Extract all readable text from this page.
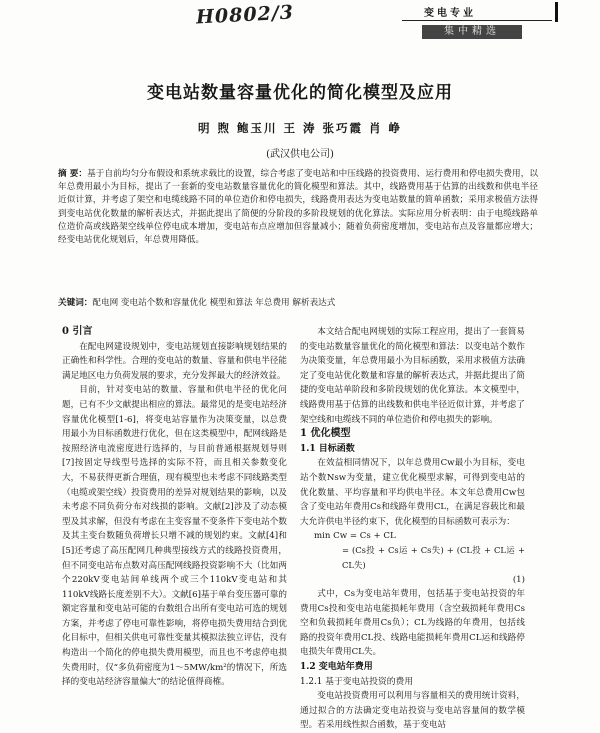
H0802/3	变电专业
集中精选
变电站数量容量优化的简化模型及应用
明 煦 鲍玉川 王 涛 张巧霞 肖 峥
(武汉供电公司)
摘 要：基于自前均匀分布假设和系统求载比的设置，综合考虑了变电站和中压线路的投资费用、运行费用和停电损失费用，以年总费用最小为目标，提出了一套新的变电站数量容量优化的简化模型和算法。其中，线路费用基于估算的出线数和供电半径近似计算，并考虑了架空和电缆线路不同的单位造价和停电损失，线路费用表达为变电站数量的简单函数；采用求极值方法得到变电站优化数量的解析表达式，并据此提出了简便的分阶段的多阶段规划的优化算法。实际应用分析表明：由于电缆线路单位造价高或线路架空线单位停电成本增加，变电站布点应增加但容量减小；随着负荷密度增加，变电站布点及容量都应增大；经变电站优化规划后，年总费用降低。
关键词：配电网 变电站个数和容量优化 模型和算法 年总费用 解析表达式

0 引言

在配电网建设规划中，变电站规划直接影响规划结果的正确性和科学性。合理的变电站的数量、容量和供电半径能满足地区电力负荷发展的要求，充分发挥最大的经济效益。

目前，针对变电站的数量、容量和供电半径的优化问题，已有不少文献提出相应的算法。最常见的是变电站经济容量优化模型[1-6]，将变电站容量作为决策变量，以总费用最小为目标函数进行优化，但在这类模型中，配网线路是按照经济电流密度进行选择的，与目前普通根据规划导则[7]按固定导线型号选择的实际不符，而且相关参数变化大，不易获得更新合理值，现有模型也未考虑不同线路类型（电缆或架空线）投资费用的差异对规划结果的影响，以及未考虑不同负荷分布对线损的影响。文献[2]涉及了动态模型及其求解，但没有考虑在主变容量不变条件下变电站个数及其主变台数随负荷增长只增不减的规划约束。文献[4]和[5]还考虑了高压配网几种典型接线方式的线路投资费用，但不同变电站布点数对高压配网线路投资影响不大（比如两个220kV变电站间单线两个或三个110kV变电站和其110kV线路长度差别不大）。文献[6]基于单台变压器可靠的额定容量和变电站可能的台数组合出所有变电站可选的规划方案，并考虑了停电可靠性影响，将停电损失费用结合到优化目标中，但相关供电可靠性变量其模拟法独立评估，没有构造出一个简化的停电损失费用模型，而且也不考虑停电损失费用时，仅“多负荷密度为1～5MW/km²的情况下，所选择的变电站经济容量偏大”的结论值得商榷。

本文结合配电网规划的实际工程应用，提出了一套简易的变电站数量容量优化的简化模型和算法：以变电站个数作为决策变量，年总费用最小为目标函数，采用求极值方法确定了变电站优化数量和容量的解析表达式，并据此提出了简捷的变电站单阶段和多阶段规划的优化算法。本文模型中，线路费用基于估算的出线数和供电半径近似计算，并考虑了架空线和电缆线不同的单位造价和停电损失的影响。

1 优化模型

1.1 目标函数

在效益相同情况下，以年总费用Cw最小为目标，变电站个数Nsw为变量，建立优化模型求解，可得到变电站的优化数量、平均容量和平均供电半径。本文年总费用Cw包含了变电站年费用Cs和线路年费用CL，在满足容载比和最大允许供电半径约束下，优化模型的目标函数可表示为：

min Cw = Cs + CL

= (Cs投 + Cs运 + Cs失) + (CL投 + CL运 + CL失)

(1)

式中，Cs为变电站年费用，包括基于变电站投资的年费用Cs投和变电站电能损耗年费用（含空载损耗年费用Cs空和负载损耗年费用Cs负）；CL为线路的年费用，包括线路的投资年费用CL投、线路电能损耗年费用CL运和线路停电损失年费用CL失。

1.2 变电站年费用

1.2.1 基于变电站投资的费用

变电站投资费用可以利用与容量相关的费用统计资料，通过拟合的方法确定变电站投资与变电站容量间的数学模型。若采用线性拟合函数，基于变电站
